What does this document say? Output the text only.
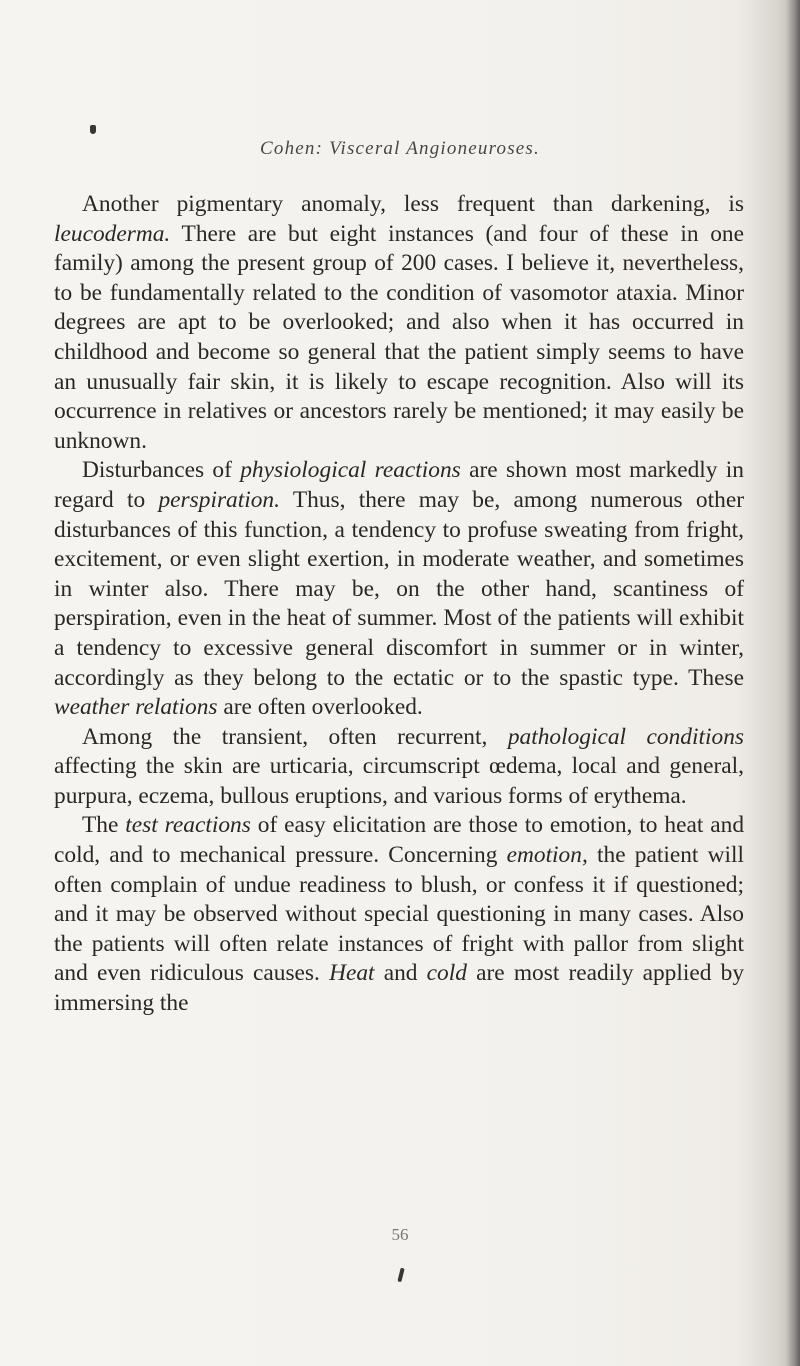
Cohen: Visceral Angioneuroses.

Another pigmentary anomaly, less frequent than darkening, is leucoderma. There are but eight instances (and four of these in one family) among the present group of 200 cases. I believe it, nevertheless, to be fundamentally related to the condition of vasomotor ataxia. Minor degrees are apt to be overlooked; and also when it has occurred in childhood and become so general that the patient simply seems to have an unusually fair skin, it is likely to escape recognition. Also will its occurrence in relatives or ancestors rarely be mentioned; it may easily be unknown.

Disturbances of physiological reactions are shown most markedly in regard to perspiration. Thus, there may be, among numerous other disturbances of this function, a tendency to profuse sweating from fright, excitement, or even slight exertion, in moderate weather, and sometimes in winter also. There may be, on the other hand, scantiness of perspiration, even in the heat of summer. Most of the patients will exhibit a tendency to excessive general discomfort in summer or in winter, accordingly as they belong to the ectatic or to the spastic type. These weather relations are often overlooked.

Among the transient, often recurrent, pathological conditions affecting the skin are urticaria, circumscript œdema, local and general, purpura, eczema, bullous eruptions, and various forms of erythema.

The test reactions of easy elicitation are those to emotion, to heat and cold, and to mechanical pressure. Concerning emotion, the patient will often complain of undue readiness to blush, or confess it if questioned; and it may be observed without special questioning in many cases. Also the patients will often relate instances of fright with pallor from slight and even ridiculous causes. Heat and cold are most readily applied by immersing the

56
